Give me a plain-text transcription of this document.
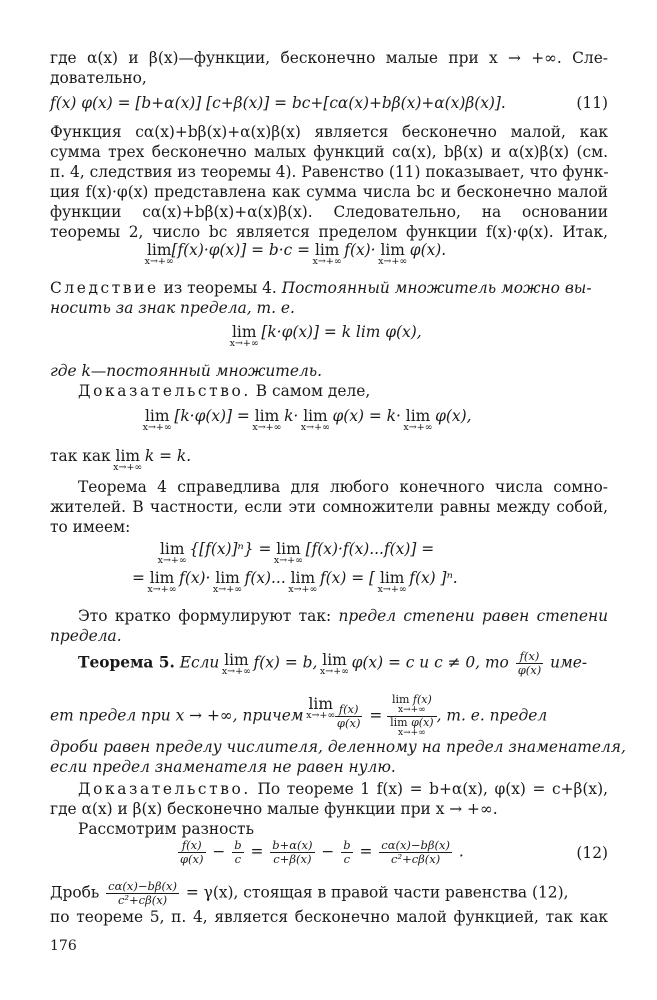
где α(x) и β(x)—функции, бесконечно малые при x → +∞. Сле-
довательно,
f(x) φ(x) = [b+α(x)] [c+β(x)] = bc+[cα(x)+bβ(x)+α(x)β(x)].	(11)
Функция cα(x)+bβ(x)+α(x)β(x) является бесконечно малой, как
сумма трех бесконечно малых функций cα(x), bβ(x) и α(x)β(x) (см.
п. 4, следствия из теоремы 4). Равенство (11) показывает, что функ-
ция f(x)·φ(x) представлена как сумма числа bc и бесконечно малой
функции cα(x)+bβ(x)+α(x)β(x). Следовательно, на основании
теоремы 2, число bc является пределом функции f(x)·φ(x). Итак,
lim
x→+∞
[f(x)·φ(x)] = b·c = lim
x→+∞
f(x)· lim
x→+∞
φ(x).
Следствие из теоремы 4. Постоянный множитель можно вы-
носить за знак предела, т. е.
lim
x→+∞
[k·φ(x)] = k lim φ(x),
где k—постоянный множитель.
Доказательство. В самом деле,
lim
x→+∞
[k·φ(x)] = lim
x→+∞
k· lim
x→+∞
φ(x) = k· lim
x→+∞
φ(x),
так как lim
x→+∞
k = k.
Теорема 4 справедлива для любого конечного числа сомно-
жителей. В частности, если эти сомножители равны между собой,
то имеем:
lim
x→+∞
{[f(x)]ⁿ} = lim
x→+∞
[f(x)·f(x)...f(x)] =
= lim
x→+∞
f(x)· lim
x→+∞
f(x)... lim
x→+∞
f(x) = [ lim
x→+∞
f(x) ]ⁿ.
Это кратко формулируют так: предел степени равен степени
предела.
Теорема 5. Если lim
x→+∞
f(x) = b, lim
x→+∞
φ(x) = c и c ≠ 0, то $\frac{f(x)}{\varphi(x)} име-$
ет предел при x → +∞, причем lim
$x\to+\infty \frac{f(x)}{\varphi(x)} = \lim f(x)$
x→+∞
lim φ(x)
x→+∞ , т. е. предел
дроби равен пределу числителя, деленному на предел знаменателя,
если предел знаменателя не равен нулю.
Доказательство. По теореме 1 f(x) = b+α(x), φ(x) = c+β(x),
где α(x) и β(x) бесконечно малые функции при x → +∞.
Рассмотрим разность
$\frac{f(x)}{\varphi(x)} - \frac{b}{c} = \frac{b+\alpha(x)}{c+\beta(x)} - \frac{b}{c} = \frac{c\alpha(x)-b\beta(x)}{\text{c²+cβ(x)}}$ .	(12)
Дробь $\frac{c\alpha(x)-b\beta(x)}{\text{c²+cβ(x)}} = \gamma(x)$, стоящая в правой части равенства (12),
по теореме 5, п. 4, является бесконечно малой функцией, так как
176
